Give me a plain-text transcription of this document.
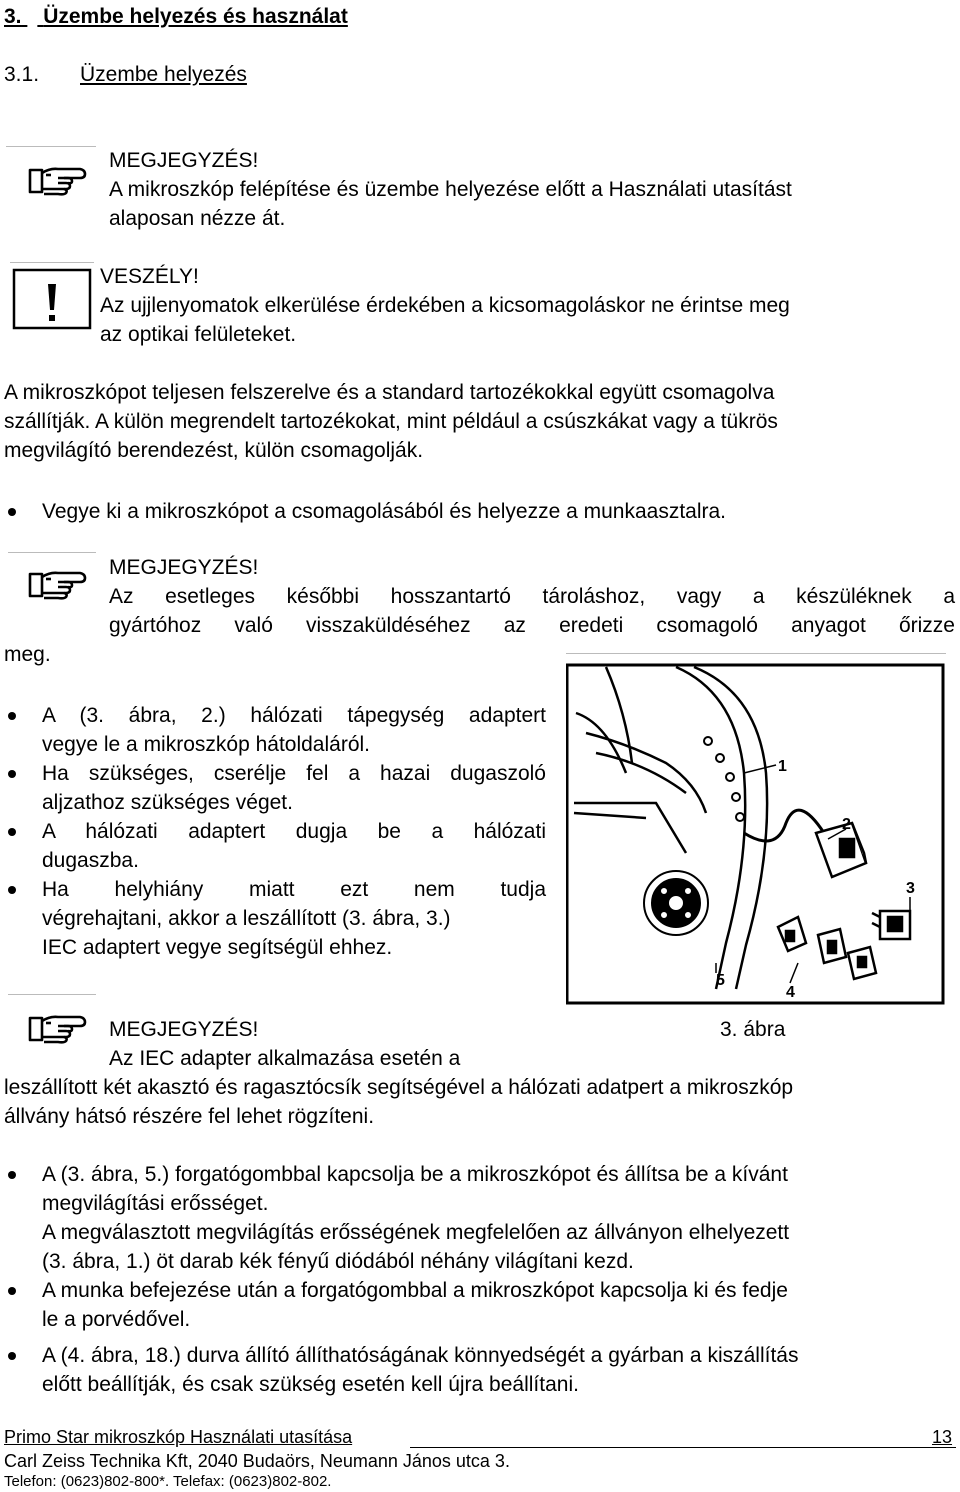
3. Üzembe helyezés és használat
3.1. Üzembe helyezés
MEGJEGYZÉS!
A mikroszkóp felépítése és üzembe helyezése előtt a Használati utasítást
alaposan nézze át.
VESZÉLY!
Az ujjlenyomatok elkerülése érdekében a kicsomagoláskor ne érintse meg
az optikai felületeket.
A mikroszkópot teljesen felszerelve és a standard tartozékokkal együtt csomagolva
szállítják. A külön megrendelt tartozékokat, mint például a csúszkákat vagy a tükrös
megvilágító berendezést, külön csomagolják.
Vegye ki a mikroszkópot a csomagolásából és helyezze a munkaasztalra.
MEGJEGYZÉS!
Az esetleges későbbi hosszantartó tároláshoz, vagy a készüléknek a
gyártóhoz való visszaküldéséhez az eredeti csomagoló anyagot őrizze
meg.
A (3. ábra, 2.) hálózati tápegység adaptert
vegye le a mikroszkóp hátoldaláról.
Ha szükséges, cserélje fel a hazai dugaszoló
aljzathoz szükséges véget.
A hálózati adaptert dugja be a hálózati
dugaszba.
Ha helyhiány miatt ezt nem tudja
végrehajtani, akkor a leszállított (3. ábra, 3.)
IEC adaptert vegye segítségül ehhez.
1
2
3
4
5
MEGJEGYZÉS!	3. ábra
Az IEC adapter alkalmazása esetén a
leszállított két akasztó és ragasztócsík segítségével a hálózati adatpert a mikroszkóp
állvány hátsó részére fel lehet rögzíteni.
A (3. ábra, 5.) forgatógombbal kapcsolja be a mikroszkópot és állítsa be a kívánt
megvilágítási erősséget.
A megválasztott megvilágítás erősségének megfelelően az állványon elhelyezett
(3. ábra, 1.) öt darab kék fényű diódából néhány világítani kezd.
A munka befejezése után a forgatógombbal a mikroszkópot kapcsolja ki és fedje
le a porvédővel.
A (4. ábra, 18.) durva állító állíthatóságának könnyedségét a gyárban a kiszállítás
előtt beállítják, és csak szükség esetén kell újra beállítani.
Primo Star mikroszkóp Használati utasítása	13
Carl Zeiss Technika Kft, 2040 Budaörs, Neumann János utca 3.
Telefon: (0623)802-800*. Telefax: (0623)802-802.
